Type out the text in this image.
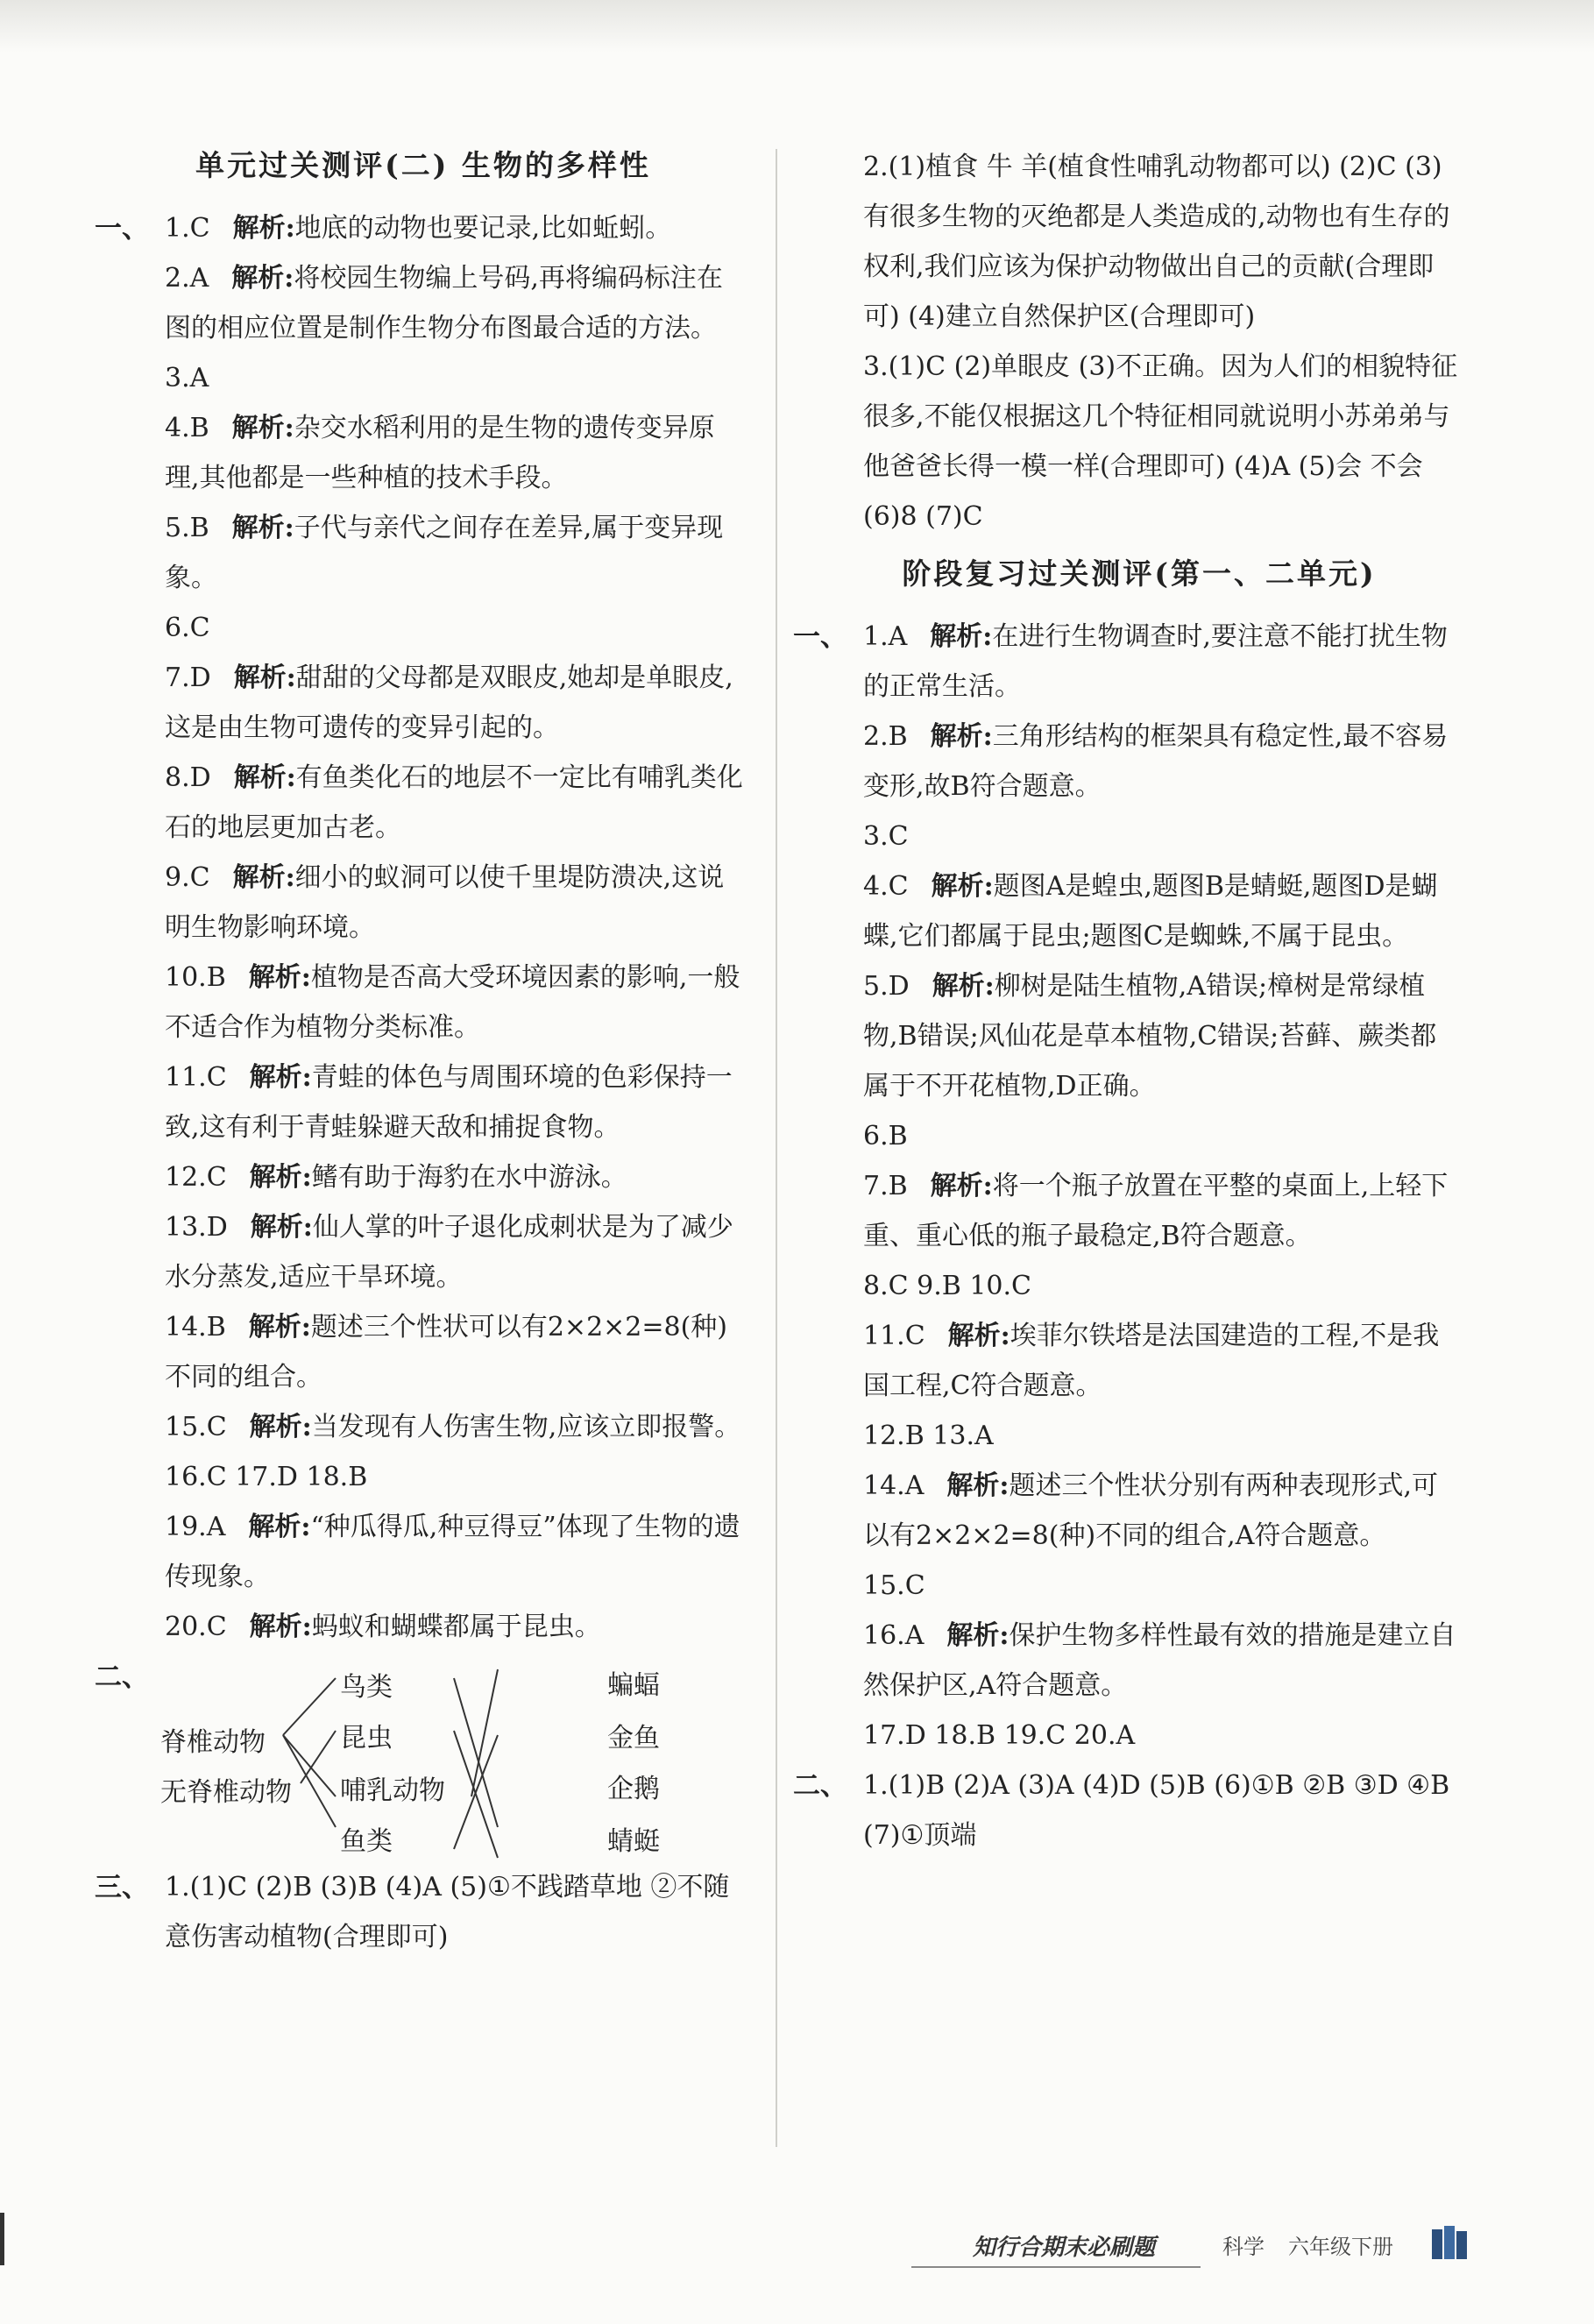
单元过关测评(二) 生物的多样性
一、 1.C 解析:地底的动物也要记录,比如蚯蚓。
2.A 解析:将校园生物编上号码,再将编码标注在图的相应位置是制作生物分布图最合适的方法。
3.A
4.B 解析:杂交水稻利用的是生物的遗传变异原理,其他都是一些种植的技术手段。
5.B 解析:子代与亲代之间存在差异,属于变异现象。
6.C
7.D 解析:甜甜的父母都是双眼皮,她却是单眼皮,这是由生物可遗传的变异引起的。
8.D 解析:有鱼类化石的地层不一定比有哺乳类化石的地层更加古老。
9.C 解析:细小的蚁洞可以使千里堤防溃决,这说明生物影响环境。
10.B 解析:植物是否高大受环境因素的影响,一般不适合作为植物分类标准。
11.C 解析:青蛙的体色与周围环境的色彩保持一致,这有利于青蛙躲避天敌和捕捉食物。
12.C 解析:鳍有助于海豹在水中游泳。
13.D 解析:仙人掌的叶子退化成刺状是为了减少水分蒸发,适应干旱环境。
14.B 解析:题述三个性状可以有2×2×2=8(种)不同的组合。
15.C 解析:当发现有人伤害生物,应该立即报警。
16.C 17.D 18.B
19.A 解析:“种瓜得瓜,种豆得豆”体现了生物的遗传现象。
20.C 解析:蚂蚁和蝴蝶都属于昆虫。
二、
脊椎动物
无脊椎动物
鸟类
昆虫
哺乳动物
鱼类
蝙蝠
金鱼
企鹅
蜻蜓
三、 1.(1)C (2)B (3)B (4)A (5)①不践踏草地 ②不随意伤害动植物(合理即可)
2.(1)植食 牛 羊(植食性哺乳动物都可以) (2)C (3)有很多生物的灭绝都是人类造成的,动物也有生存的权利,我们应该为保护动物做出自己的贡献(合理即可) (4)建立自然保护区(合理即可)
3.(1)C (2)单眼皮 (3)不正确。因为人们的相貌特征很多,不能仅根据这几个特征相同就说明小苏弟弟与他爸爸长得一模一样(合理即可) (4)A (5)会 不会 (6)8 (7)C
阶段复习过关测评(第一、二单元)
一、 1.A 解析:在进行生物调查时,要注意不能打扰生物的正常生活。
2.B 解析:三角形结构的框架具有稳定性,最不容易变形,故B符合题意。
3.C
4.C 解析:题图A是蝗虫,题图B是蜻蜓,题图D是蝴蝶,它们都属于昆虫;题图C是蜘蛛,不属于昆虫。
5.D 解析:柳树是陆生植物,A错误;樟树是常绿植物,B错误;风仙花是草本植物,C错误;苔藓、蕨类都属于不开花植物,D正确。
6.B
7.B 解析:将一个瓶子放置在平整的桌面上,上轻下重、重心低的瓶子最稳定,B符合题意。
8.C 9.B 10.C
11.C 解析:埃菲尔铁塔是法国建造的工程,不是我国工程,C符合题意。
12.B 13.A
14.A 解析:题述三个性状分别有两种表现形式,可以有2×2×2=8(种)不同的组合,A符合题意。
15.C
16.A 解析:保护生物多样性最有效的措施是建立自然保护区,A符合题意。
17.D 18.B 19.C 20.A
二、 1.(1)B (2)A (3)A (4)D (5)B (6)①B ②B ③D ④B (7)①顶端
知行合期末必刷题	科学 六年级下册
